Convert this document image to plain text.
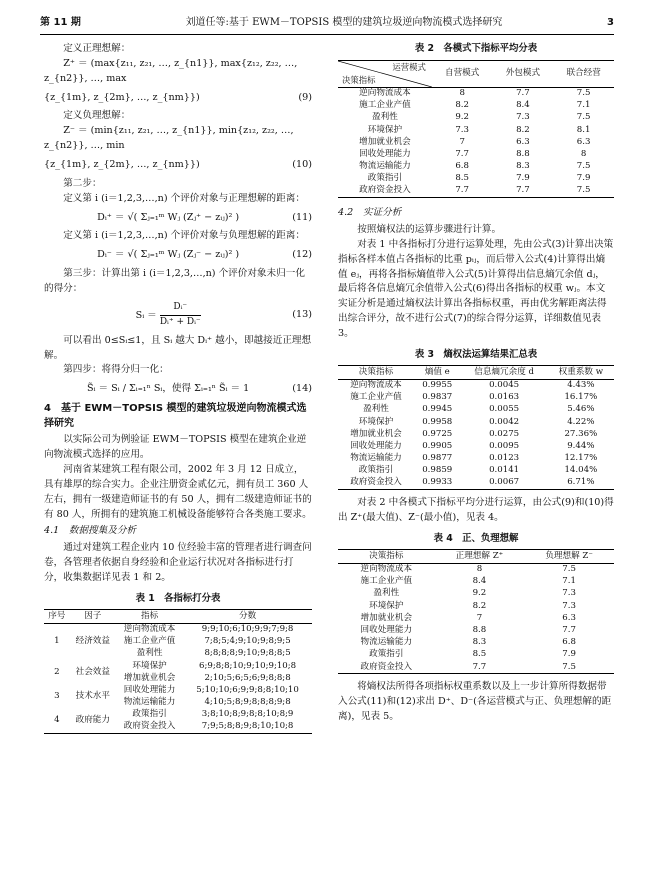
第 11 期	刘道任等:基于 EWM－TOPSIS 模型的建筑垃圾逆向物流模式选择研究	3

定义正理想解：

Z⁺ ＝ (max{z₁₁, z₂₁, …, z_{n1}}, max{z₁₂, z₂₂, …, z_{n2}}, …, max

{z_{1m}, z_{2m}, …, z_{nm}})	(9)

定义负理想解：

Z⁻ ＝ (min{z₁₁, z₂₁, …, z_{n1}}, min{z₁₂, z₂₂, …, z_{n2}}, …, min

{z_{1m}, z_{2m}, …, z_{nm}})	(10)

第二步：

定义第 i (i＝1,2,3,…,n) 个评价对象与正理想解的距离：

Dᵢ⁺ ＝ √( Σⱼ₌₁ᵐ Wⱼ (Zⱼ⁺ − zᵢⱼ)² )	(11)

定义第 i (i＝1,2,3,…,n) 个评价对象与负理想解的距离：

Dᵢ⁻ ＝ √( Σⱼ₌₁ᵐ Wⱼ (Zⱼ⁻ − zᵢⱼ)² )	(12)

第三步：计算出第 i (i＝1,2,3,…,n) 个评价对象未归一化的得分：

Sᵢ ＝ $\frac{\text{Dᵢ⁻}}{\text{Dᵢ⁺ + Dᵢ⁻}}$	(13)

可以看出 0≤Sᵢ≤1，且 Sᵢ 越大 Dᵢ⁺ 越小，即越接近正理想解。

第四步：将得分归一化：

S̃ᵢ ＝ Sᵢ ∕ Σᵢ₌₁ⁿ Sᵢ，使得 Σᵢ₌₁ⁿ S̃ᵢ ＝ 1	(14)
4　基于 EWM－TOPSIS 模型的建筑垃圾逆向物流模式选择研究

以实际公司为例验证 EWM－TOPSIS 模型在建筑企业逆向物流模式选择的应用。

河南省某建筑工程有限公司，2002 年 3 月 12 日成立，具有雄厚的综合实力。企业注册资金贰亿元，拥有员工 360 人左右，拥有一级建造师证书的有 50 人，拥有二级建造师证书的有 80 人，所拥有的建筑施工机械设备能够符合各类施工要求。

4.1　数据搜集及分析

通过对建筑工程企业内 10 位经验丰富的管理者进行调查问卷，各管理者依据自身经验和企业运行状况对各指标进行打分，收集数据详见表 1 和 2。

表 1　各指标打分表
序号	因子	指标	分数
1	经济效益	逆向物流成本	9;9;10;6;10;9;9;7;9;8
		施工企业产值	7;8;5;4;9;10;9;8;9;5
		盈利性	8;8;8;8;9;10;9;8;8;5
2	社会效益	环境保护	6;9;8;8;10;9;10;9;10;8
		增加就业机会	2;10;5;6;5;6;9;8;8;8
3	技术水平	回收处理能力	5;10;10;6;9;9;8;8;10;10
		物流运输能力	4;10;5;8;9;8;8;8;9;8
4	政府能力	政策指引	3;8;10;8;9;8;8;10;8;9
		政府资金投入	7;9;5;8;8;9;8;10;10;8
表 2　各模式下指标平均分表
运营模式
决策指标	自营模式	外包模式	联合经营
逆向物流成本	8	7.7	7.5
施工企业产值	8.2	8.4	7.1
盈利性	9.2	7.3	7.5
环境保护	7.3	8.2	8.1
增加就业机会	7	6.3	6.3
回收处理能力	7.7	8.8	8
物流运输能力	6.8	8.3	7.5
政策指引	8.5	7.9	7.9
政府资金投入	7.7	7.7	7.5
4.2　实证分析

按照熵权法的运算步骤进行计算。

对表 1 中各指标打分进行运算处理，先由公式(3)计算出决策指标各样本值占各指标的比重 pᵢⱼ，而后带入公式(4)计算得出熵值 eⱼ，再将各指标熵值带入公式(5)计算得出信息熵冗余值 dⱼ，最后将各信息熵冗余值带入公式(6)得出各指标的权重 wⱼ。本文实证分析是通过熵权法计算出各指标权重，再由优劣解距离法得出综合评分，故不进行公式(7)的综合得分运算，详细数值见表 3。

表 3　熵权法运算结果汇总表
决策指标	熵值 e	信息熵冗余度 d	权重系数 w
逆向物流成本	0.9955	0.0045	4.43%
施工企业产值	0.9837	0.0163	16.17%
盈利性	0.9945	0.0055	5.46%
环境保护	0.9958	0.0042	4.22%
增加就业机会	0.9725	0.0275	27.36%
回收处理能力	0.9905	0.0095	9.44%
物流运输能力	0.9877	0.0123	12.17%
政策指引	0.9859	0.0141	14.04%
政府资金投入	0.9933	0.0067	6.71%

对表 2 中各模式下指标平均分进行运算，由公式(9)和(10)得出 Z⁺(最大值)、Z⁻(最小值)，见表 4。

表 4　正、负理想解
决策指标	正理想解 Z⁺	负理想解 Z⁻
逆向物流成本	8	7.5
施工企业产值	8.4	7.1
盈利性	9.2	7.3
环境保护	8.2	7.3
增加就业机会	7	6.3
回收处理能力	8.8	7.7
物流运输能力	8.3	6.8
政策指引	8.5	7.9
政府资金投入	7.7	7.5

将熵权法所得各项指标权重系数以及上一步计算所得数据带入公式(11)和(12)求出 D⁺、D⁻(各运营模式与正、负理想解的距离)，见表 5。
